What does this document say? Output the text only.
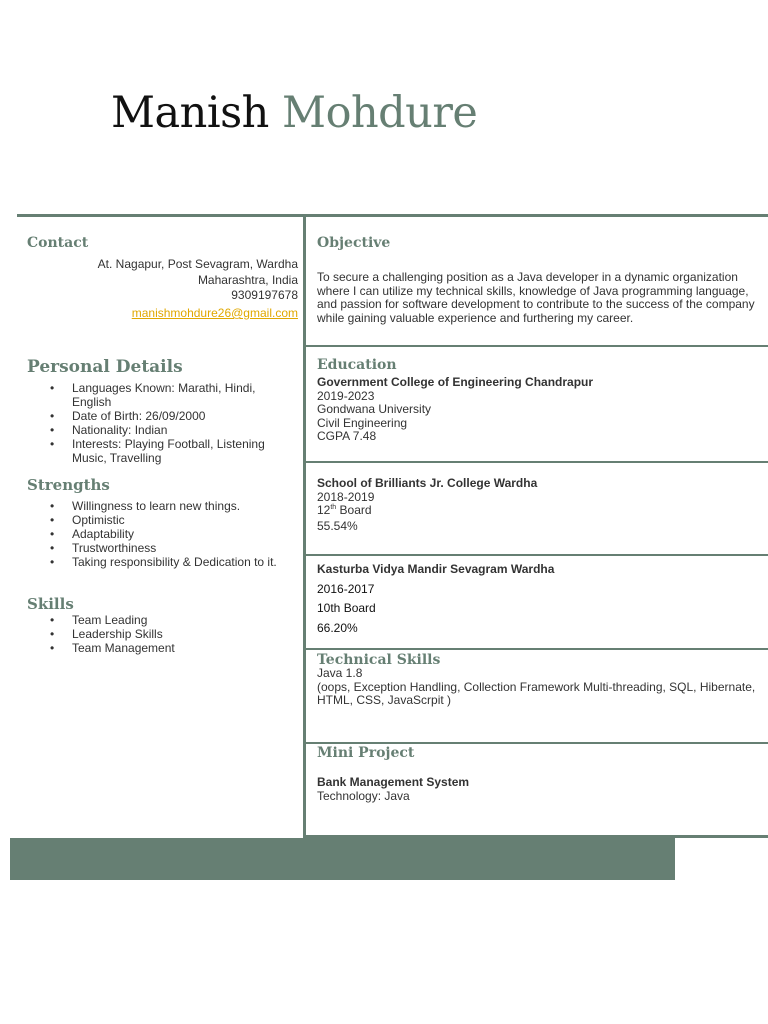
Manish Mohdure
Contact
At. Nagapur, Post Sevagram, Wardha
Maharashtra, India
9309197678
manishmohdure26@gmail.com
Personal Details
• Languages Known: Marathi, Hindi,
English
• Date of Birth: 26/09/2000
• Nationality: Indian
• Interests: Playing Football, Listening
Music, Travelling
Strengths
• Willingness to learn new things.
• Optimistic
• Adaptability
• Trustworthiness
• Taking responsibility & Dedication to it.
Skills
• Team Leading
• Leadership Skills
• Team Management
Objective
To secure a challenging position as a Java developer in a dynamic organization
where I can utilize my technical skills, knowledge of Java programming language,
and passion for software development to contribute to the success of the company
while gaining valuable experience and furthering my career.
Education
Government College of Engineering Chandrapur
2019-2023
Gondwana University
Civil Engineering
CGPA 7.48
School of Brilliants Jr. College Wardha
2018-2019
12th Board
55.54%
Kasturba Vidya Mandir Sevagram Wardha
2016-2017
10th Board
66.20%
Technical Skills
Java 1.8
(oops, Exception Handling, Collection Framework Multi-threading, SQL, Hibernate,
HTML, CSS, JavaScrpit )
Mini Project
Bank Management System
Technology: Java
